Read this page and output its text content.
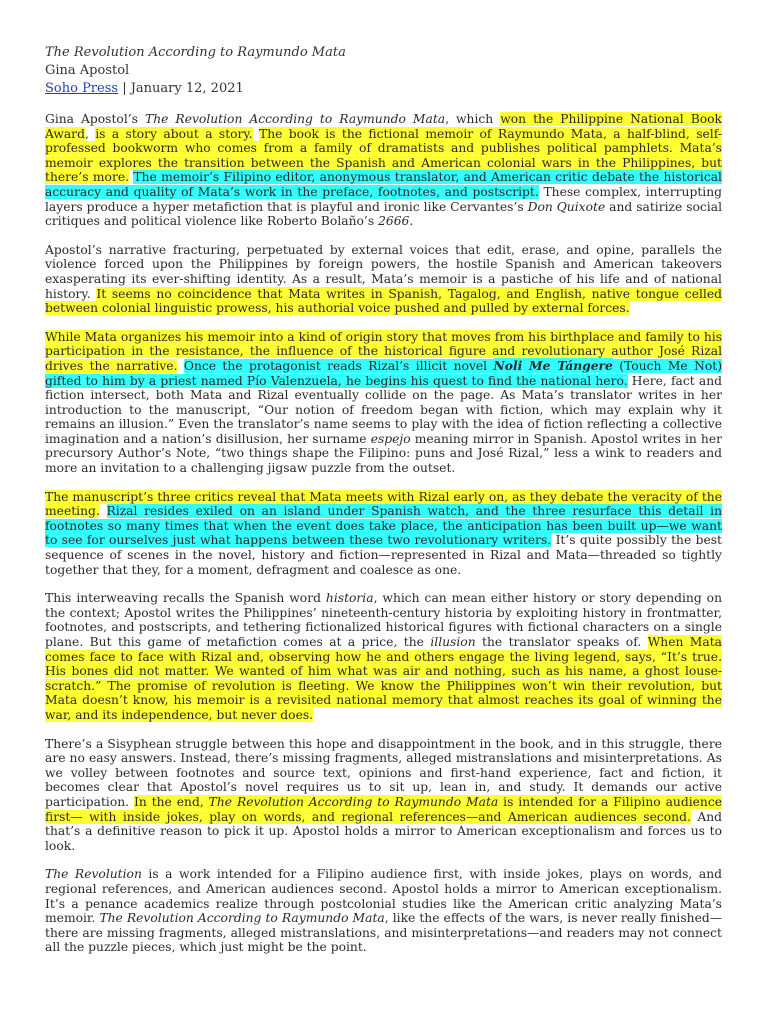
The Revolution According to Raymundo Mata
Gina Apostol
Soho Press | January 12, 2021

Gina Apostol’s The Revolution According to Raymundo Mata, which won the Philippine National Book Award, is a story about a story. The book is the fictional memoir of Raymundo Mata, a half-blind, self-professed bookworm who comes from a family of dramatists and publishes political pamphlets. Mata’s memoir explores the transition between the Spanish and American colonial wars in the Philippines, but there’s more. The memoir’s Filipino editor, anonymous translator, and American critic debate the historical accuracy and quality of Mata’s work in the preface, footnotes, and postscript. These complex, interrupting layers produce a hyper metafiction that is playful and ironic like Cervantes’s Don Quixote and satirize social critiques and political violence like Roberto Bolaño’s 2666.

Apostol’s narrative fracturing, perpetuated by external voices that edit, erase, and opine, parallels the violence forced upon the Philippines by foreign powers, the hostile Spanish and American takeovers exasperating its ever-shifting identity. As a result, Mata’s memoir is a pastiche of his life and of national history. It seems no coincidence that Mata writes in Spanish, Tagalog, and English, native tongue celled between colonial linguistic prowess, his authorial voice pushed and pulled by external forces.

While Mata organizes his memoir into a kind of origin story that moves from his birthplace and family to his participation in the resistance, the influence of the historical figure and revolutionary author José Rizal drives the narrative. Once the protagonist reads Rizal’s illicit novel Noli Me Tángere (Touch Me Not) gifted to him by a priest named Pío Valenzuela, he begins his quest to find the national hero. Here, fact and fiction intersect, both Mata and Rizal eventually collide on the page. As Mata’s translator writes in her introduction to the manuscript, “Our notion of freedom began with fiction, which may explain why it remains an illusion.” Even the translator’s name seems to play with the idea of fiction reflecting a collective imagination and a nation’s disillusion, her surname espejo meaning mirror in Spanish. Apostol writes in her precursory Author’s Note, “two things shape the Filipino: puns and José Rizal,” less a wink to readers and more an invitation to a challenging jigsaw puzzle from the outset.

The manuscript’s three critics reveal that Mata meets with Rizal early on, as they debate the veracity of the meeting. Rizal resides exiled on an island under Spanish watch, and the three resurface this detail in footnotes so many times that when the event does take place, the anticipation has been built up—we want to see for ourselves just what happens between these two revolutionary writers. It’s quite possibly the best sequence of scenes in the novel, history and fiction—represented in Rizal and Mata—threaded so tightly together that they, for a moment, defragment and coalesce as one.

This interweaving recalls the Spanish word historia, which can mean either history or story depending on the context; Apostol writes the Philippines’ nineteenth-century historia by exploiting history in frontmatter, footnotes, and postscripts, and tethering fictionalized historical figures with fictional characters on a single plane. But this game of metafiction comes at a price, the illusion the translator speaks of. When Mata comes face to face with Rizal and, observing how he and others engage the living legend, says, “It’s true. His bones did not matter. We wanted of him what was air and nothing, such as his name, a ghost louse-scratch.” The promise of revolution is fleeting. We know the Philippines won’t win their revolution, but Mata doesn’t know, his memoir is a revisited national memory that almost reaches its goal of winning the war, and its independence, but never does.

There’s a Sisyphean struggle between this hope and disappointment in the book, and in this struggle, there are no easy answers. Instead, there’s missing fragments, alleged mistranslations and misinterpretations. As we volley between footnotes and source text, opinions and first-hand experience, fact and fiction, it becomes clear that Apostol’s novel requires us to sit up, lean in, and study. It demands our active participation. In the end, The Revolution According to Raymundo Mata is intended for a Filipino audience first— with inside jokes, play on words, and regional references—and American audiences second. And that’s a definitive reason to pick it up. Apostol holds a mirror to American exceptionalism and forces us to look.

The Revolution is a work intended for a Filipino audience first, with inside jokes, plays on words, and regional references, and American audiences second. Apostol holds a mirror to American exceptionalism. It’s a penance academics realize through postcolonial studies like the American critic analyzing Mata’s memoir. The Revolution According to Raymundo Mata, like the effects of the wars, is never really finished—there are missing fragments, alleged mistranslations, and misinterpretations—and readers may not connect all the puzzle pieces, which just might be the point.
